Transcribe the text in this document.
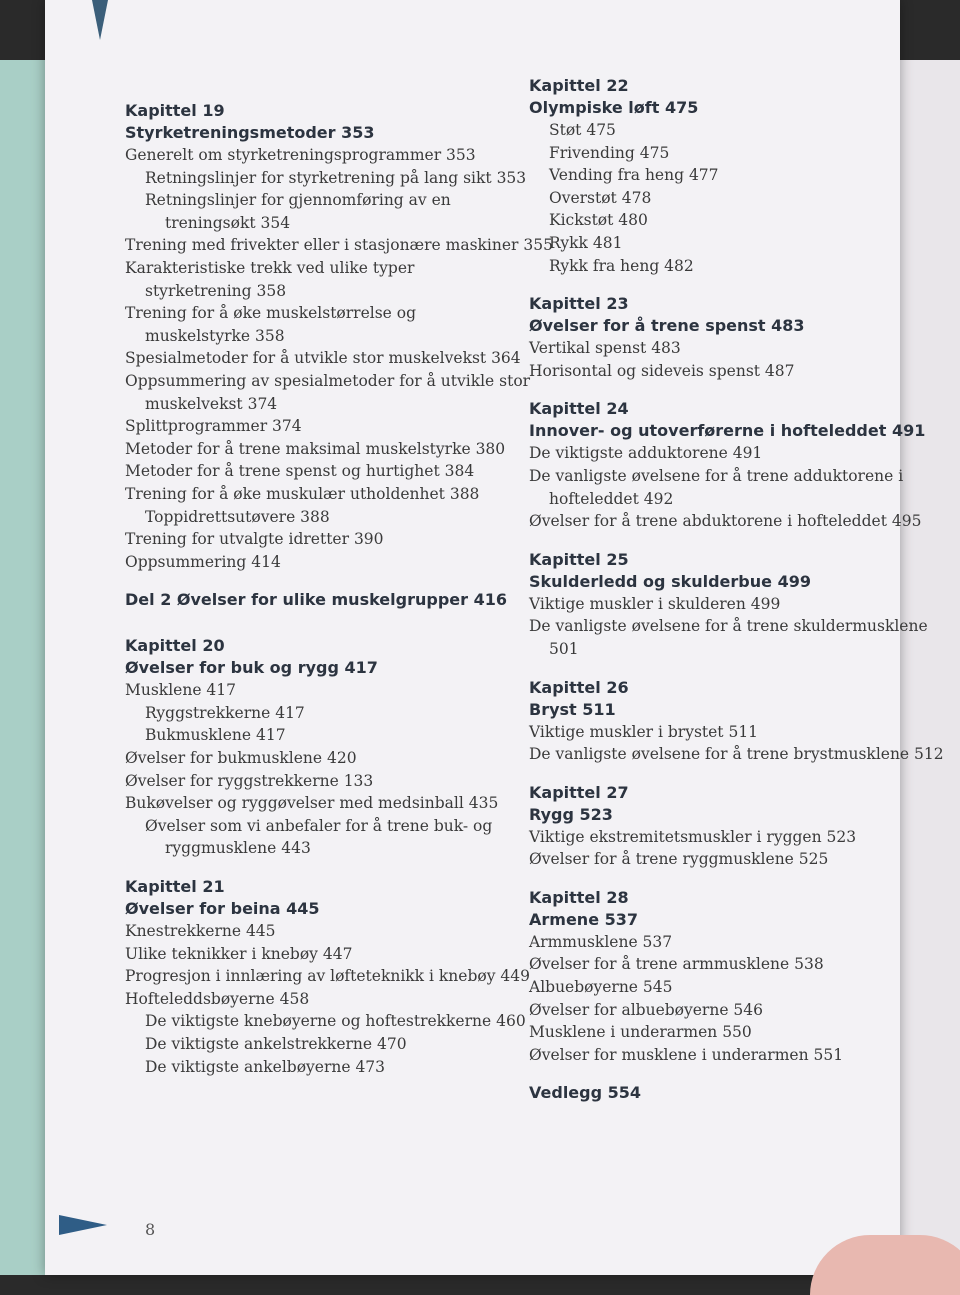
Kapittel 19
Styrketreningsmetoder 353
Generelt om styrketreningsprogrammer 353
Retningslinjer for styrketrening på lang sikt 353
Retningslinjer for gjennomføring av en
treningsøkt 354
Trening med frivekter eller i stasjonære maskiner 355
Karakteristiske trekk ved ulike typer
styrketrening 358
Trening for å øke muskelstørrelse og
muskelstyrke 358
Spesialmetoder for å utvikle stor muskelvekst 364
Oppsummering av spesialmetoder for å utvikle stor
muskelvekst 374
Splittprogrammer 374
Metoder for å trene maksimal muskelstyrke 380
Metoder for å trene spenst og hurtighet 384
Trening for å øke muskulær utholdenhet 388
Toppidrettsutøvere 388
Trening for utvalgte idretter 390
Oppsummering 414
Del 2 Øvelser for ulike muskelgrupper 416
Kapittel 20
Øvelser for buk og rygg 417
Musklene 417
Ryggstrekkerne 417
Bukmusklene 417
Øvelser for bukmusklene 420
Øvelser for ryggstrekkerne 133
Bukøvelser og ryggøvelser med medsinball 435
Øvelser som vi anbefaler for å trene buk- og
ryggmusklene 443
Kapittel 21
Øvelser for beina 445
Knestrekkerne 445
Ulike teknikker i knebøy 447
Progresjon i innlæring av løfteteknikk i knebøy 449
Hofteleddsbøyerne 458
De viktigste knebøyerne og hoftestrekkerne 460
De viktigste ankelstrekkerne 470
De viktigste ankelbøyerne 473
Kapittel 22
Olympiske løft 475
Støt 475
Frivending 475
Vending fra heng 477
Overstøt 478
Kickstøt 480
Rykk 481
Rykk fra heng 482
Kapittel 23
Øvelser for å trene spenst 483
Vertikal spenst 483
Horisontal og sideveis spenst 487
Kapittel 24
Innover- og utoverførerne i hofteleddet 491
De viktigste adduktorene 491
De vanligste øvelsene for å trene adduktorene i
hofteleddet 492
Øvelser for å trene abduktorene i hofteleddet 495
Kapittel 25
Skulderledd og skulderbue 499
Viktige muskler i skulderen 499
De vanligste øvelsene for å trene skuldermusklene
501
Kapittel 26
Bryst 511
Viktige muskler i brystet 511
De vanligste øvelsene for å trene brystmusklene 512
Kapittel 27
Rygg 523
Viktige ekstremitetsmuskler i ryggen 523
Øvelser for å trene ryggmusklene 525
Kapittel 28
Armene 537
Armmusklene 537
Øvelser for å trene armmusklene 538
Albuebøyerne 545
Øvelser for albuebøyerne 546
Musklene i underarmen 550
Øvelser for musklene i underarmen 551
Vedlegg 554
8
